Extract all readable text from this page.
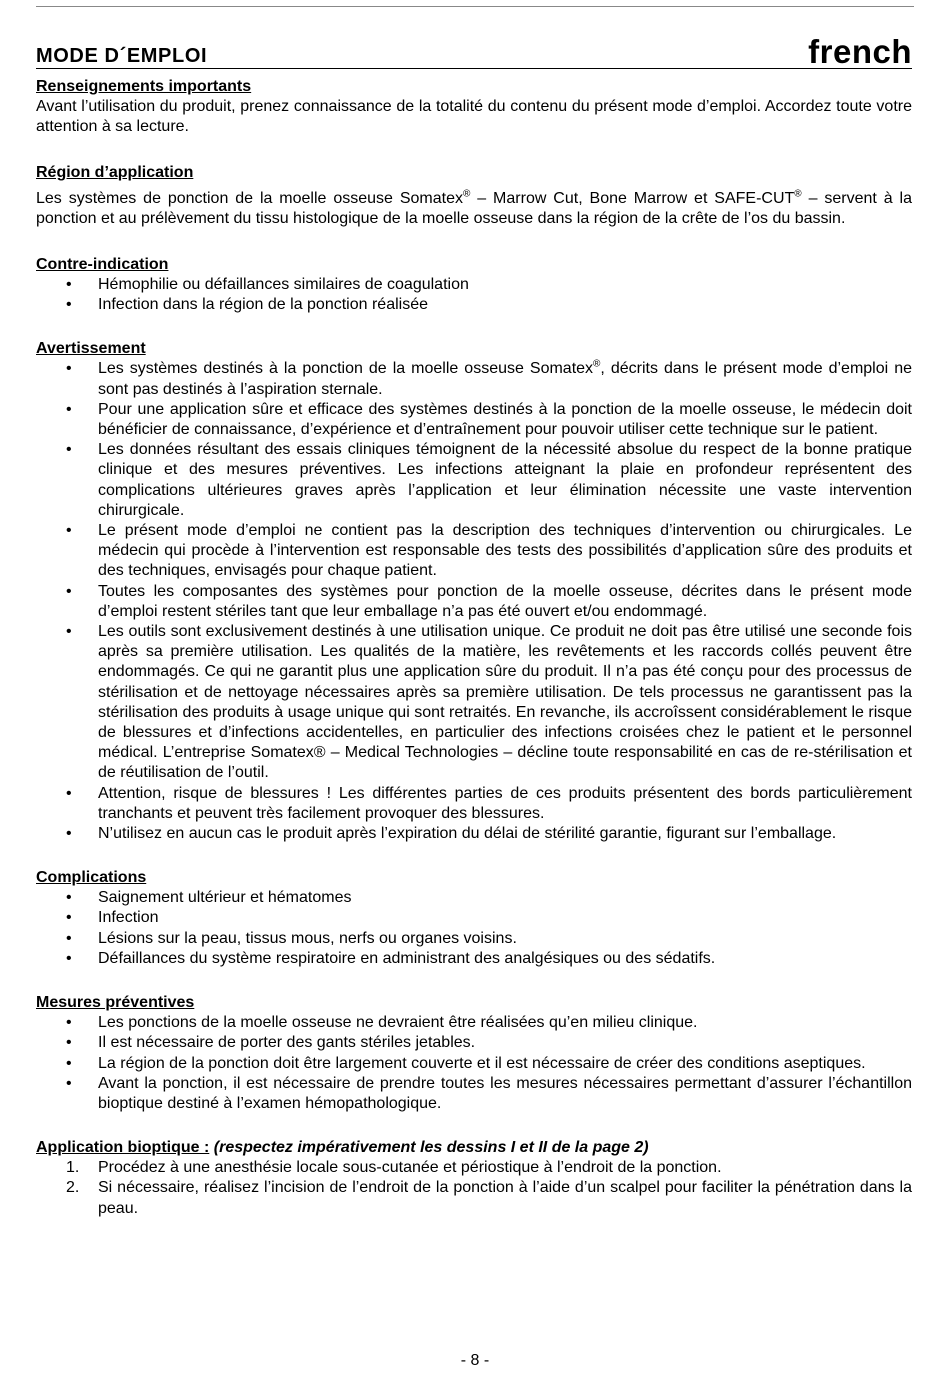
MODE D´EMPLOI	french

Renseignements importants

Avant l’utilisation du produit, prenez connaissance de la totalité du contenu du présent mode d’emploi. Accordez toute votre attention à sa lecture.

Région d’application

Les systèmes de ponction de la moelle osseuse Somatex® – Marrow Cut, Bone Marrow et SAFE-CUT® – servent à la ponction et au prélèvement du tissu histologique de la moelle osseuse dans la région de la crête de l’os du bassin.

Contre-indication

• Hémophilie ou défaillances similaires de coagulation
• Infection dans la région de la ponction réalisée

Avertissement

• Les systèmes destinés à la ponction de la moelle osseuse Somatex®, décrits dans le présent mode d’emploi ne sont pas destinés à l’aspiration sternale.
• Pour une application sûre et efficace des systèmes destinés à la ponction de la moelle osseuse, le médecin doit bénéficier de connaissance, d’expérience et d’entraînement pour pouvoir utiliser cette technique sur le patient.
• Les données résultant des essais cliniques témoignent de la nécessité absolue du respect de la bonne pratique clinique et des mesures préventives. Les infections atteignant la plaie en profondeur représentent des complications ultérieures graves après l’application et leur élimination nécessite une vaste intervention chirurgicale.
• Le présent mode d’emploi ne contient pas la description des techniques d’intervention ou chirurgicales. Le médecin qui procède à l’intervention est responsable des tests des possibilités d’application sûre des produits et des techniques, envisagés pour chaque patient.
• Toutes les composantes des systèmes pour ponction de la moelle osseuse, décrites dans le présent mode d’emploi restent stériles tant que leur emballage n’a pas été ouvert et/ou endommagé.
• Les outils sont exclusivement destinés à une utilisation unique. Ce produit ne doit pas être utilisé une seconde fois après sa première utilisation. Les qualités de la matière, les revêtements et les raccords collés peuvent être endommagés. Ce qui ne garantit plus une application sûre du produit. Il n’a pas été conçu pour des processus de stérilisation et de nettoyage nécessaires après sa première utilisation. De tels processus ne garantissent pas la stérilisation des produits à usage unique qui sont retraités. En revanche, ils accroîssent considérablement le risque de blessures et d’infections accidentelles, en particulier des infections croisées chez le patient et le personnel médical. L’entreprise Somatex® – Medical Technologies – décline toute responsabilité en cas de re-stérilisation et de réutilisation de l’outil.
• Attention, risque de blessures ! Les différentes parties de ces produits présentent des bords particulièrement tranchants et peuvent très facilement provoquer des blessures.
• N’utilisez en aucun cas le produit après l’expiration du délai de stérilité garantie, figurant sur l’emballage.

Complications

• Saignement ultérieur et hématomes
• Infection
• Lésions sur la peau, tissus mous, nerfs ou organes voisins.
• Défaillances du système respiratoire en administrant des analgésiques ou des sédatifs.

Mesures préventives

• Les ponctions de la moelle osseuse ne devraient être réalisées qu’en milieu clinique.
• Il est nécessaire de porter des gants stériles jetables.
• La région de la ponction doit être largement couverte et il est nécessaire de créer des conditions aseptiques.
• Avant la ponction, il est nécessaire de prendre toutes les mesures nécessaires permettant d’assurer l’échantillon bioptique destiné à l’examen hémopathologique.

Application bioptique : (respectez impérativement les dessins I et II de la page 2)

1. Procédez à une anesthésie locale sous-cutanée et périostique à l’endroit de la ponction.
2. Si nécessaire, réalisez l’incision de l’endroit de la ponction à l’aide d’un scalpel pour faciliter la pénétration dans la peau.
- 8 -
